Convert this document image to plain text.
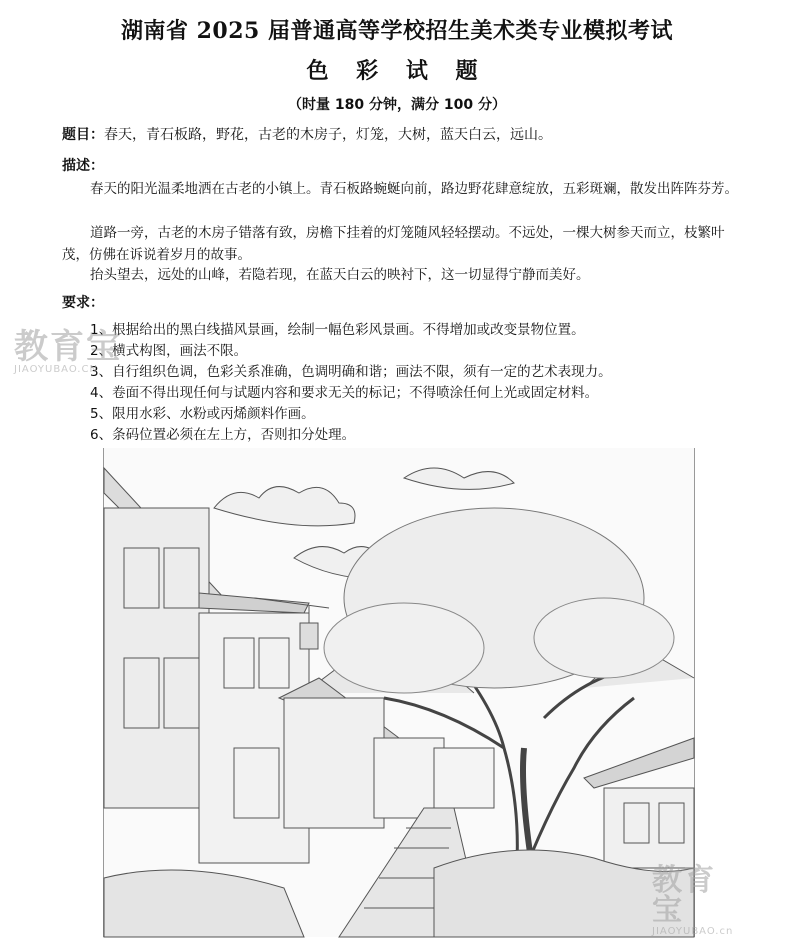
湖南省 2025 届普通高等学校招生美术类专业模拟考试
色 彩 试 题
（时量 180 分钟，满分 100 分）
题目：春天，青石板路，野花，古老的木房子，灯笼，大树，蓝天白云，远山。
描述：
春天的阳光温柔地洒在古老的小镇上。青石板路蜿蜒向前，路边野花肆意绽放，五彩斑斓，散发出阵阵芬芳。
道路一旁，古老的木房子错落有致，房檐下挂着的灯笼随风轻轻摆动。不远处，一棵大树参天而立，枝繁叶茂，仿佛在诉说着岁月的故事。
抬头望去，远处的山峰，若隐若现，在蓝天白云的映衬下，这一切显得宁静而美好。
要求：
1、根据给出的黑白线描风景画，绘制一幅色彩风景画。不得增加或改变景物位置。
2、横式构图，画法不限。
3、自行组织色调，色彩关系准确，色调明确和谐；画法不限，须有一定的艺术表现力。
4、卷面不得出现任何与试题内容和要求无关的标记；不得喷涂任何上光或固定材料。
5、限用水彩、水粉或丙烯颜料作画。
6、条码位置必须在左上方，否则扣分处理。
教育宝
JIAOYUBAO.CN
教育宝
JIAOYUBAO.cn
